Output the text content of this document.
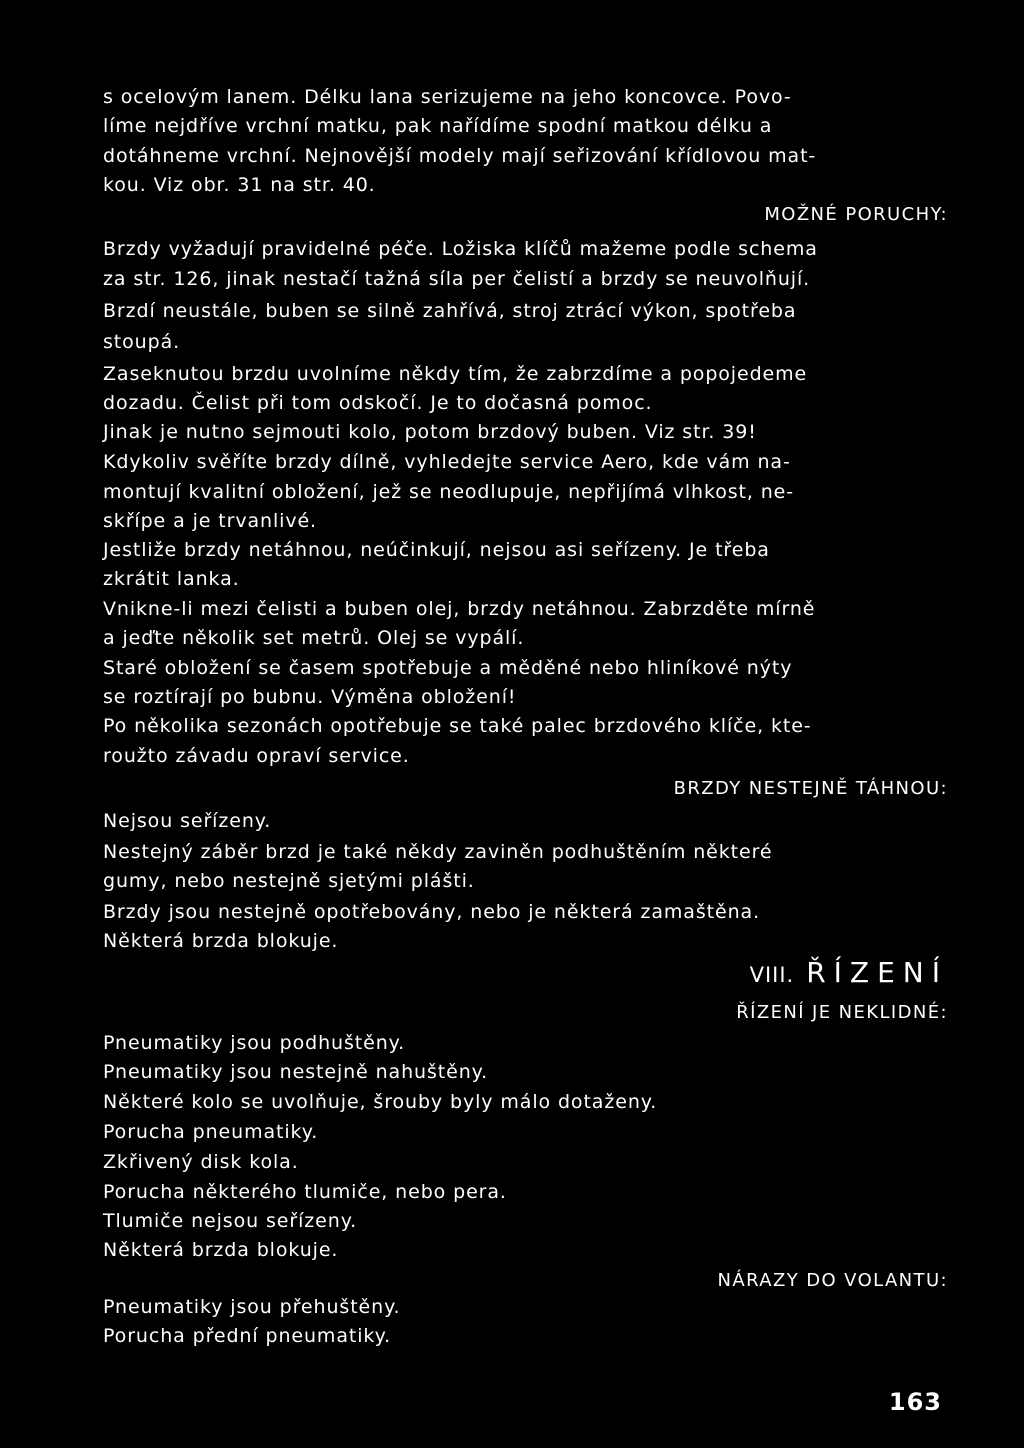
s ocelovým lanem. Délku lana serizujeme na jeho koncovce. Povo-
líme nejdříve vrchní matku, pak nařídíme spodní matkou délku a
dotáhneme vrchní. Nejnovější modely mají seřizování křídlovou mat-
kou. Viz obr. 31 na str. 40.
MOŽNÉ PORUCHY:
Brzdy vyžadují pravidelné péče. Ložiska klíčů mažeme podle schema
za str. 126, jinak nestačí tažná síla per čelistí a brzdy se neuvolňují.
Brzdí neustále, buben se silně zahřívá, stroj ztrácí výkon, spotřeba
stoupá.
Zaseknutou brzdu uvolníme někdy tím, že zabrzdíme a popojedeme
dozadu. Čelist při tom odskočí. Je to dočasná pomoc.
Jinak je nutno sejmouti kolo, potom brzdový buben. Viz str. 39!
Kdykoliv svěříte brzdy dílně, vyhledejte service Aero, kde vám na-
montují kvalitní obložení, jež se neodlupuje, nepřijímá vlhkost, ne-
skřípe a je trvanlivé.
Jestliže brzdy netáhnou, neúčinkují, nejsou asi seřízeny. Je třeba
zkrátit lanka.
Vnikne-li mezi čelisti a buben olej, brzdy netáhnou. Zabrzděte mírně
a jeďte několik set metrů. Olej se vypálí.
Staré obložení se časem spotřebuje a měděné nebo hliníkové nýty
se roztírají po bubnu. Výměna obložení!
Po několika sezonách opotřebuje se také palec brzdového klíče, kte-
roužto závadu opraví service.
BRZDY NESTEJNĚ TÁHNOU:
Nejsou seřízeny.
Nestejný záběr brzd je také někdy zaviněn podhuštěním některé
gumy, nebo nestejně sjetými plášti.
Brzdy jsou nestejně opotřebovány, nebo je některá zamaštěna.
Některá brzda blokuje.
VIII. ŘÍZENÍ
ŘÍZENÍ JE NEKLIDNÉ:
Pneumatiky jsou podhuštěny.
Pneumatiky jsou nestejně nahuštěny.
Některé kolo se uvolňuje, šrouby byly málo dotaženy.
Porucha pneumatiky.
Zkřivený disk kola.
Porucha některého tlumiče, nebo pera.
Tlumiče nejsou seřízeny.
Některá brzda blokuje.
NÁRAZY DO VOLANTU:
Pneumatiky jsou přehuštěny.
Porucha přední pneumatiky.
163
